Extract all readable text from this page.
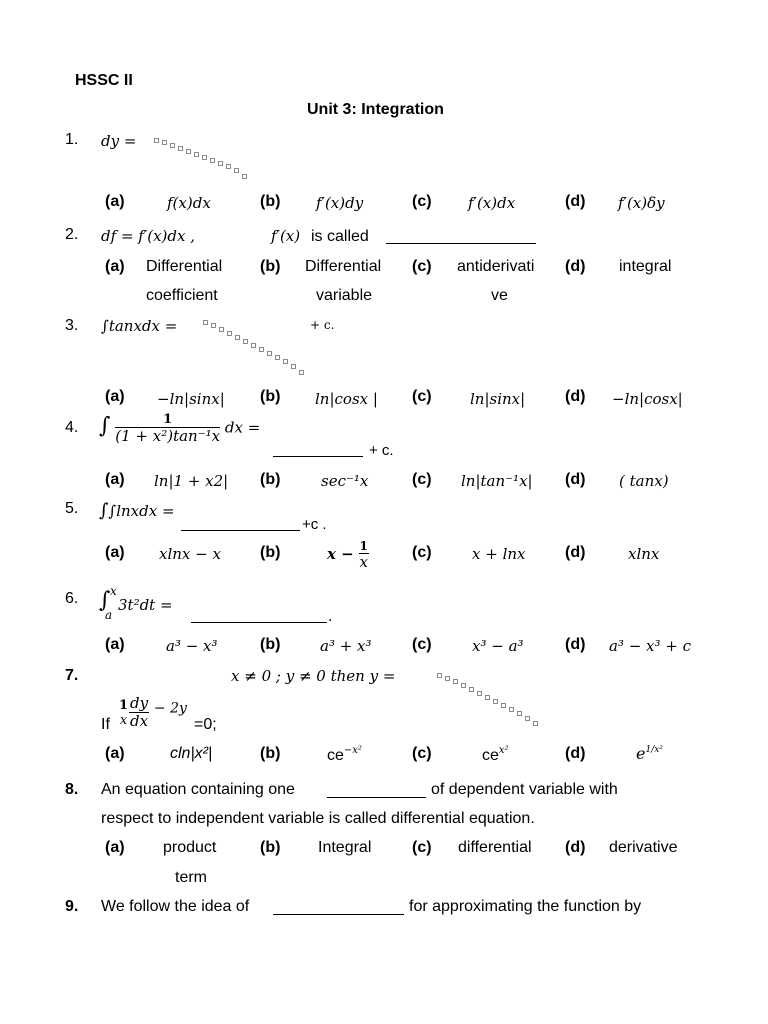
HSSC II
Unit 3: Integration
1. dy =
(a)	f(x)dx	(b) f′(x)dy	(c) f′(x)dx	(d) f′(x)δy
2. df = f′(x)dx ,	f′(x) is called
(a) Differential
coefficient
(b) Differential
variable
(c) antiderivati
ve
(d) integral
3. ∫tanxdx =	+ c.
(a) −ln|sinx| (b) ln|cosx | (c)	ln|sinx| (d) −ln|cosx|
4. ∫ $\frac{1}{\text{(1 + x²)tan⁻¹x}}$ dx =
+ c.
(a) ln|1 + x2| (b)	sec⁻¹x	(c) ln|tan⁻¹x| (d) ( tanx)
5. ∫∫lnxdx =
+c .
(a) xlnx − x (b)	$x - \frac{1}{x}$	(c)	x + lnx (d)	xlnx
6. ∫ x
a
3t²dt =
.
(a)	a³ − x³	(b)	a³ + x³	(c)	x³ − a³	(d) a³ − x³ + c
7.	x ≠ 0 ; y ≠ 0 then y =
If
1
x $\frac{dy}{dx} - 2y$
=0;
(a)	cln|x²|	(b)	$ce^{-x^2}$	(c)	$ce^{x^2}$	(d)	$e^{1/x^2}$
8. An equation containing one	of dependent variable with
respect to independent variable is called differential equation.
(a) product
term
(b) Integral	(c) differential (d) derivative
9. We follow the idea of	for approximating the function by
